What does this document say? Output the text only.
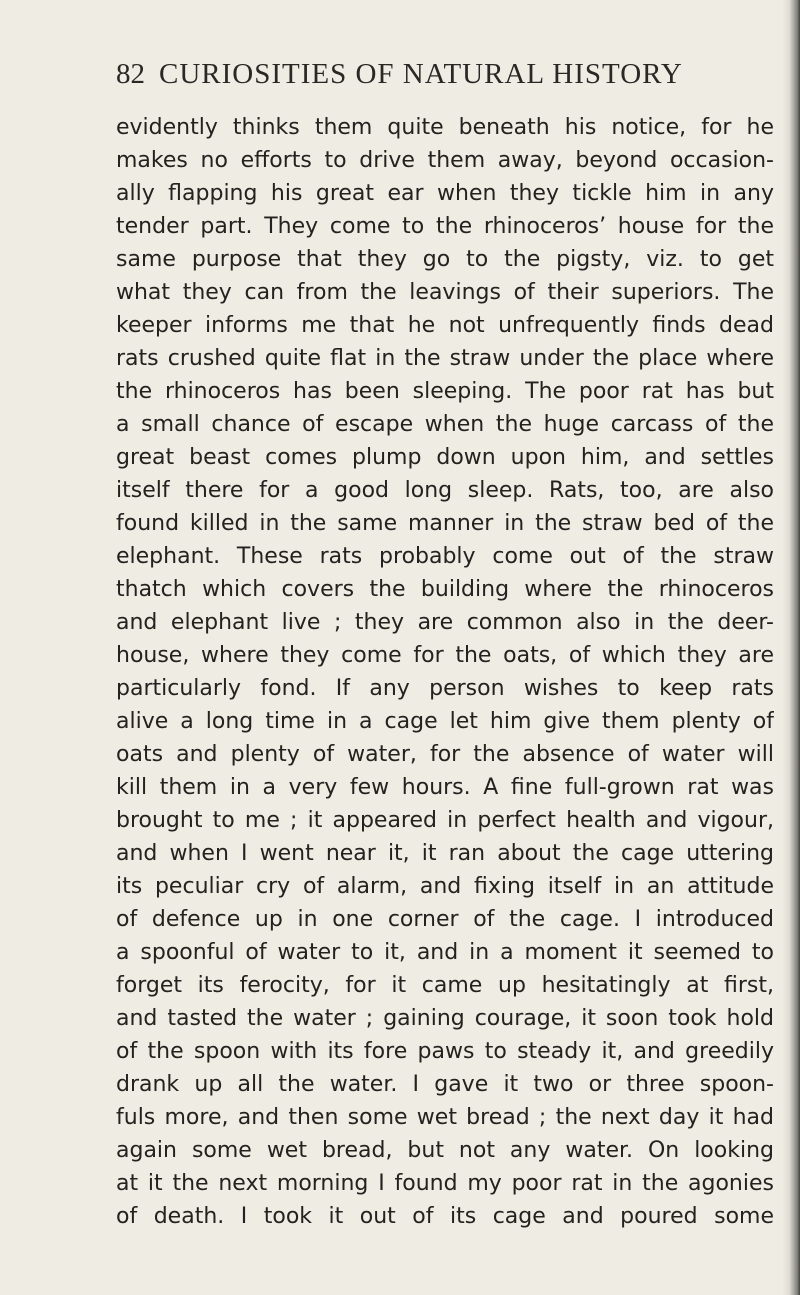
82 CURIOSITIES OF NATURAL HISTORY
evidently thinks them quite beneath his notice, for he
makes no efforts to drive them away, beyond occasion-
ally flapping his great ear when they tickle him in any
tender part. They come to the rhinoceros’ house for the
same purpose that they go to the pigsty, viz. to get
what they can from the leavings of their superiors. The
keeper informs me that he not unfrequently finds dead
rats crushed quite flat in the straw under the place where
the rhinoceros has been sleeping. The poor rat has but
a small chance of escape when the huge carcass of the
great beast comes plump down upon him, and settles
itself there for a good long sleep. Rats, too, are also
found killed in the same manner in the straw bed of the
elephant. These rats probably come out of the straw
thatch which covers the building where the rhinoceros
and elephant live ; they are common also in the deer-
house, where they come for the oats, of which they are
particularly fond. If any person wishes to keep rats
alive a long time in a cage let him give them plenty of
oats and plenty of water, for the absence of water will
kill them in a very few hours. A fine full-grown rat was
brought to me ; it appeared in perfect health and vigour,
and when I went near it, it ran about the cage uttering
its peculiar cry of alarm, and fixing itself in an attitude
of defence up in one corner of the cage. I introduced
a spoonful of water to it, and in a moment it seemed to
forget its ferocity, for it came up hesitatingly at first,
and tasted the water ; gaining courage, it soon took hold
of the spoon with its fore paws to steady it, and greedily
drank up all the water. I gave it two or three spoon-
fuls more, and then some wet bread ; the next day it had
again some wet bread, but not any water. On looking
at it the next morning I found my poor rat in the agonies
of death. I took it out of its cage and poured some
